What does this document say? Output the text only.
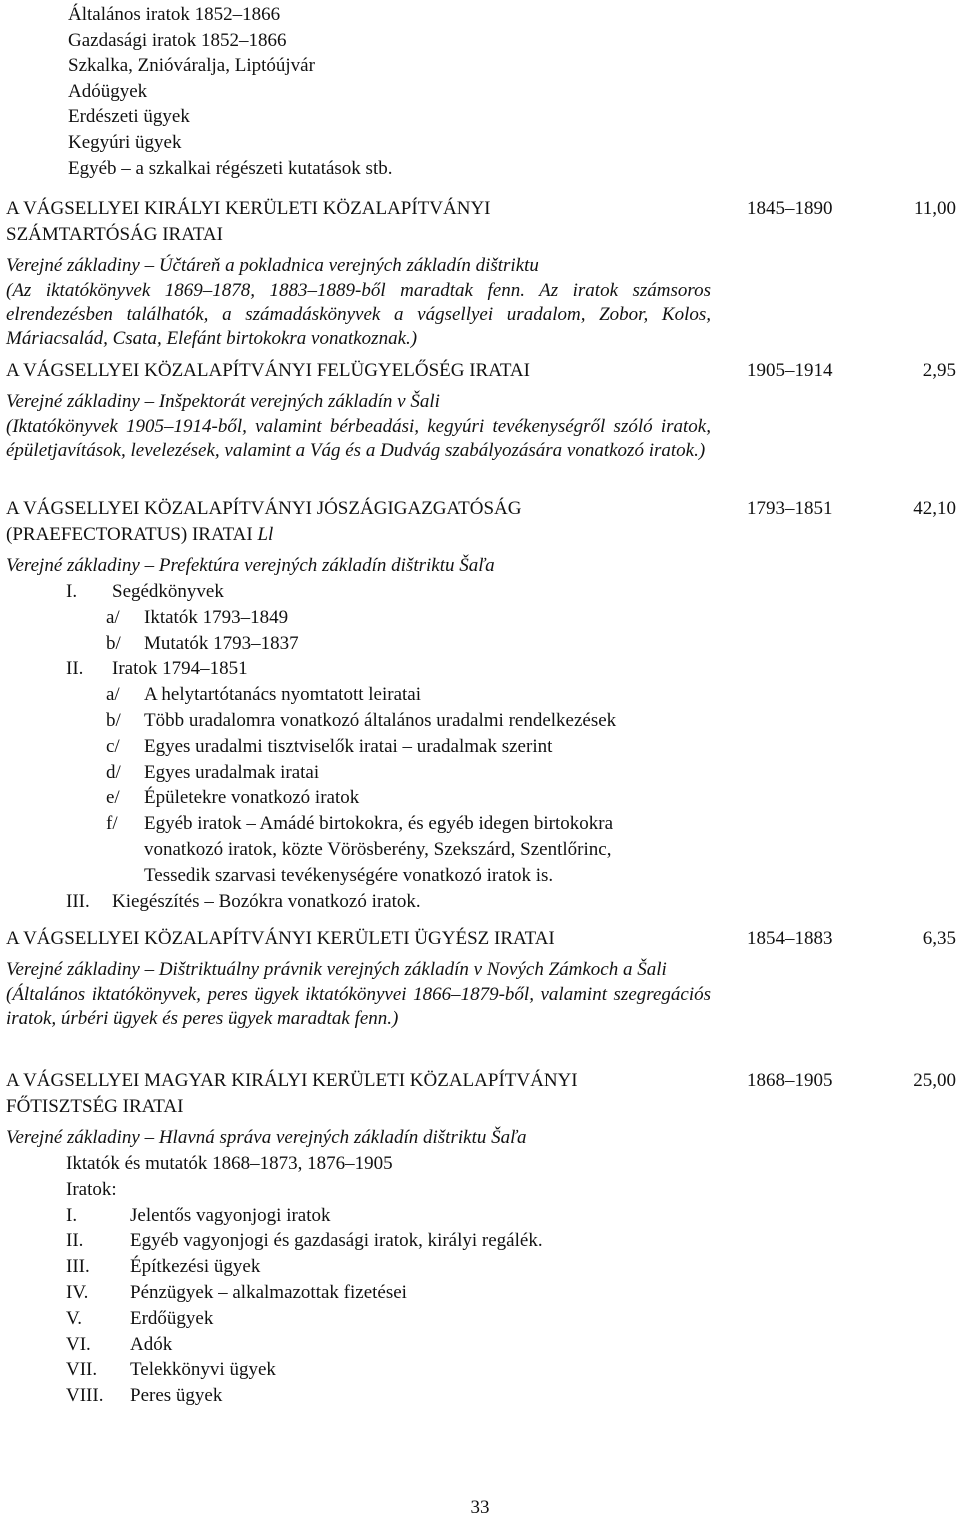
Általános iratok 1852–1866
Gazdasági iratok 1852–1866
Szkalka, Znióváralja, Liptóújvár
Adóügyek
Erdészeti ügyek
Kegyúri ügyek
Egyéb – a szkalkai régészeti kutatások stb.
A VÁGSELLYEI KIRÁLYI KERÜLETI KÖZALAPÍTVÁNYI
SZÁMTARTÓSÁG IRATAI
1845–1890	11,00
Verejné základiny – Účtáreň a pokladnica verejných základín dištriktu
(Az iktatókönyvek 1869–1878, 1883–1889-ből maradtak fenn. Az iratok számsoros elrendezésben találhatók, a számadáskönyvek a vágsellyei uradalom, Zobor, Kolos, Máriacsalád, Csata, Elefánt birtokokra vonatkoznak.)
A VÁGSELLYEI KÖZALAPÍTVÁNYI FELÜGYELŐSÉG IRATAI	1905–1914	2,95
Verejné základiny – Inšpektorát verejných základín v Šali
(Iktatókönyvek 1905–1914-ből, valamint bérbeadási, kegyúri tevékenységről szóló iratok, épületjavítások, levelezések, valamint a Vág és a Dudvág szabályozására vonatkozó iratok.)
A VÁGSELLYEI KÖZALAPÍTVÁNYI JÓSZÁGIGAZGATÓSÁG
(PRAEFECTORATUS) IRATAI Ll
1793–1851	42,10
Verejné základiny – Prefektúra verejných základín dištriktu Šaľa
I. Segédkönyvek
a/ Iktatók 1793–1849
b/ Mutatók 1793–1837
II. Iratok 1794–1851
a/ A helytartótanács nyomtatott leiratai
b/ Több uradalomra vonatkozó általános uradalmi rendelkezések
c/ Egyes uradalmi tisztviselők iratai – uradalmak szerint
d/ Egyes uradalmak iratai
e/ Épületekre vonatkozó iratok
f/ Egyéb iratok – Amádé birtokokra, és egyéb idegen birtokokra
vonatkozó iratok, közte Vörösberény, Szekszárd, Szentlőrinc,
Tessedik szarvasi tevékenységére vonatkozó iratok is.
III. Kiegészítés – Bozókra vonatkozó iratok.
A VÁGSELLYEI KÖZALAPÍTVÁNYI KERÜLETI ÜGYÉSZ IRATAI	1854–1883	6,35
Verejné základiny – Dištriktuálny právnik verejných základín v Nových Zámkoch a Šali
(Általános iktatókönyvek, peres ügyek iktatókönyvei 1866–1879-ből, valamint szegregációs iratok, úrbéri ügyek és peres ügyek maradtak fenn.)
A VÁGSELLYEI MAGYAR KIRÁLYI KERÜLETI KÖZALAPÍTVÁNYI
FŐTISZTSÉG IRATAI
1868–1905	25,00
Verejné základiny – Hlavná správa verejných základín dištriktu Šaľa
Iktatók és mutatók 1868–1873, 1876–1905
Iratok:
I.	Jelentős vagyonjogi iratok
II. Egyéb vagyonjogi és gazdasági iratok, királyi regálék.
III. Építkezési ügyek
IV. Pénzügyek – alkalmazottak fizetései
V.	Erdőügyek
VI. Adók
VII. Telekkönyvi ügyek
VIII. Peres ügyek
33
